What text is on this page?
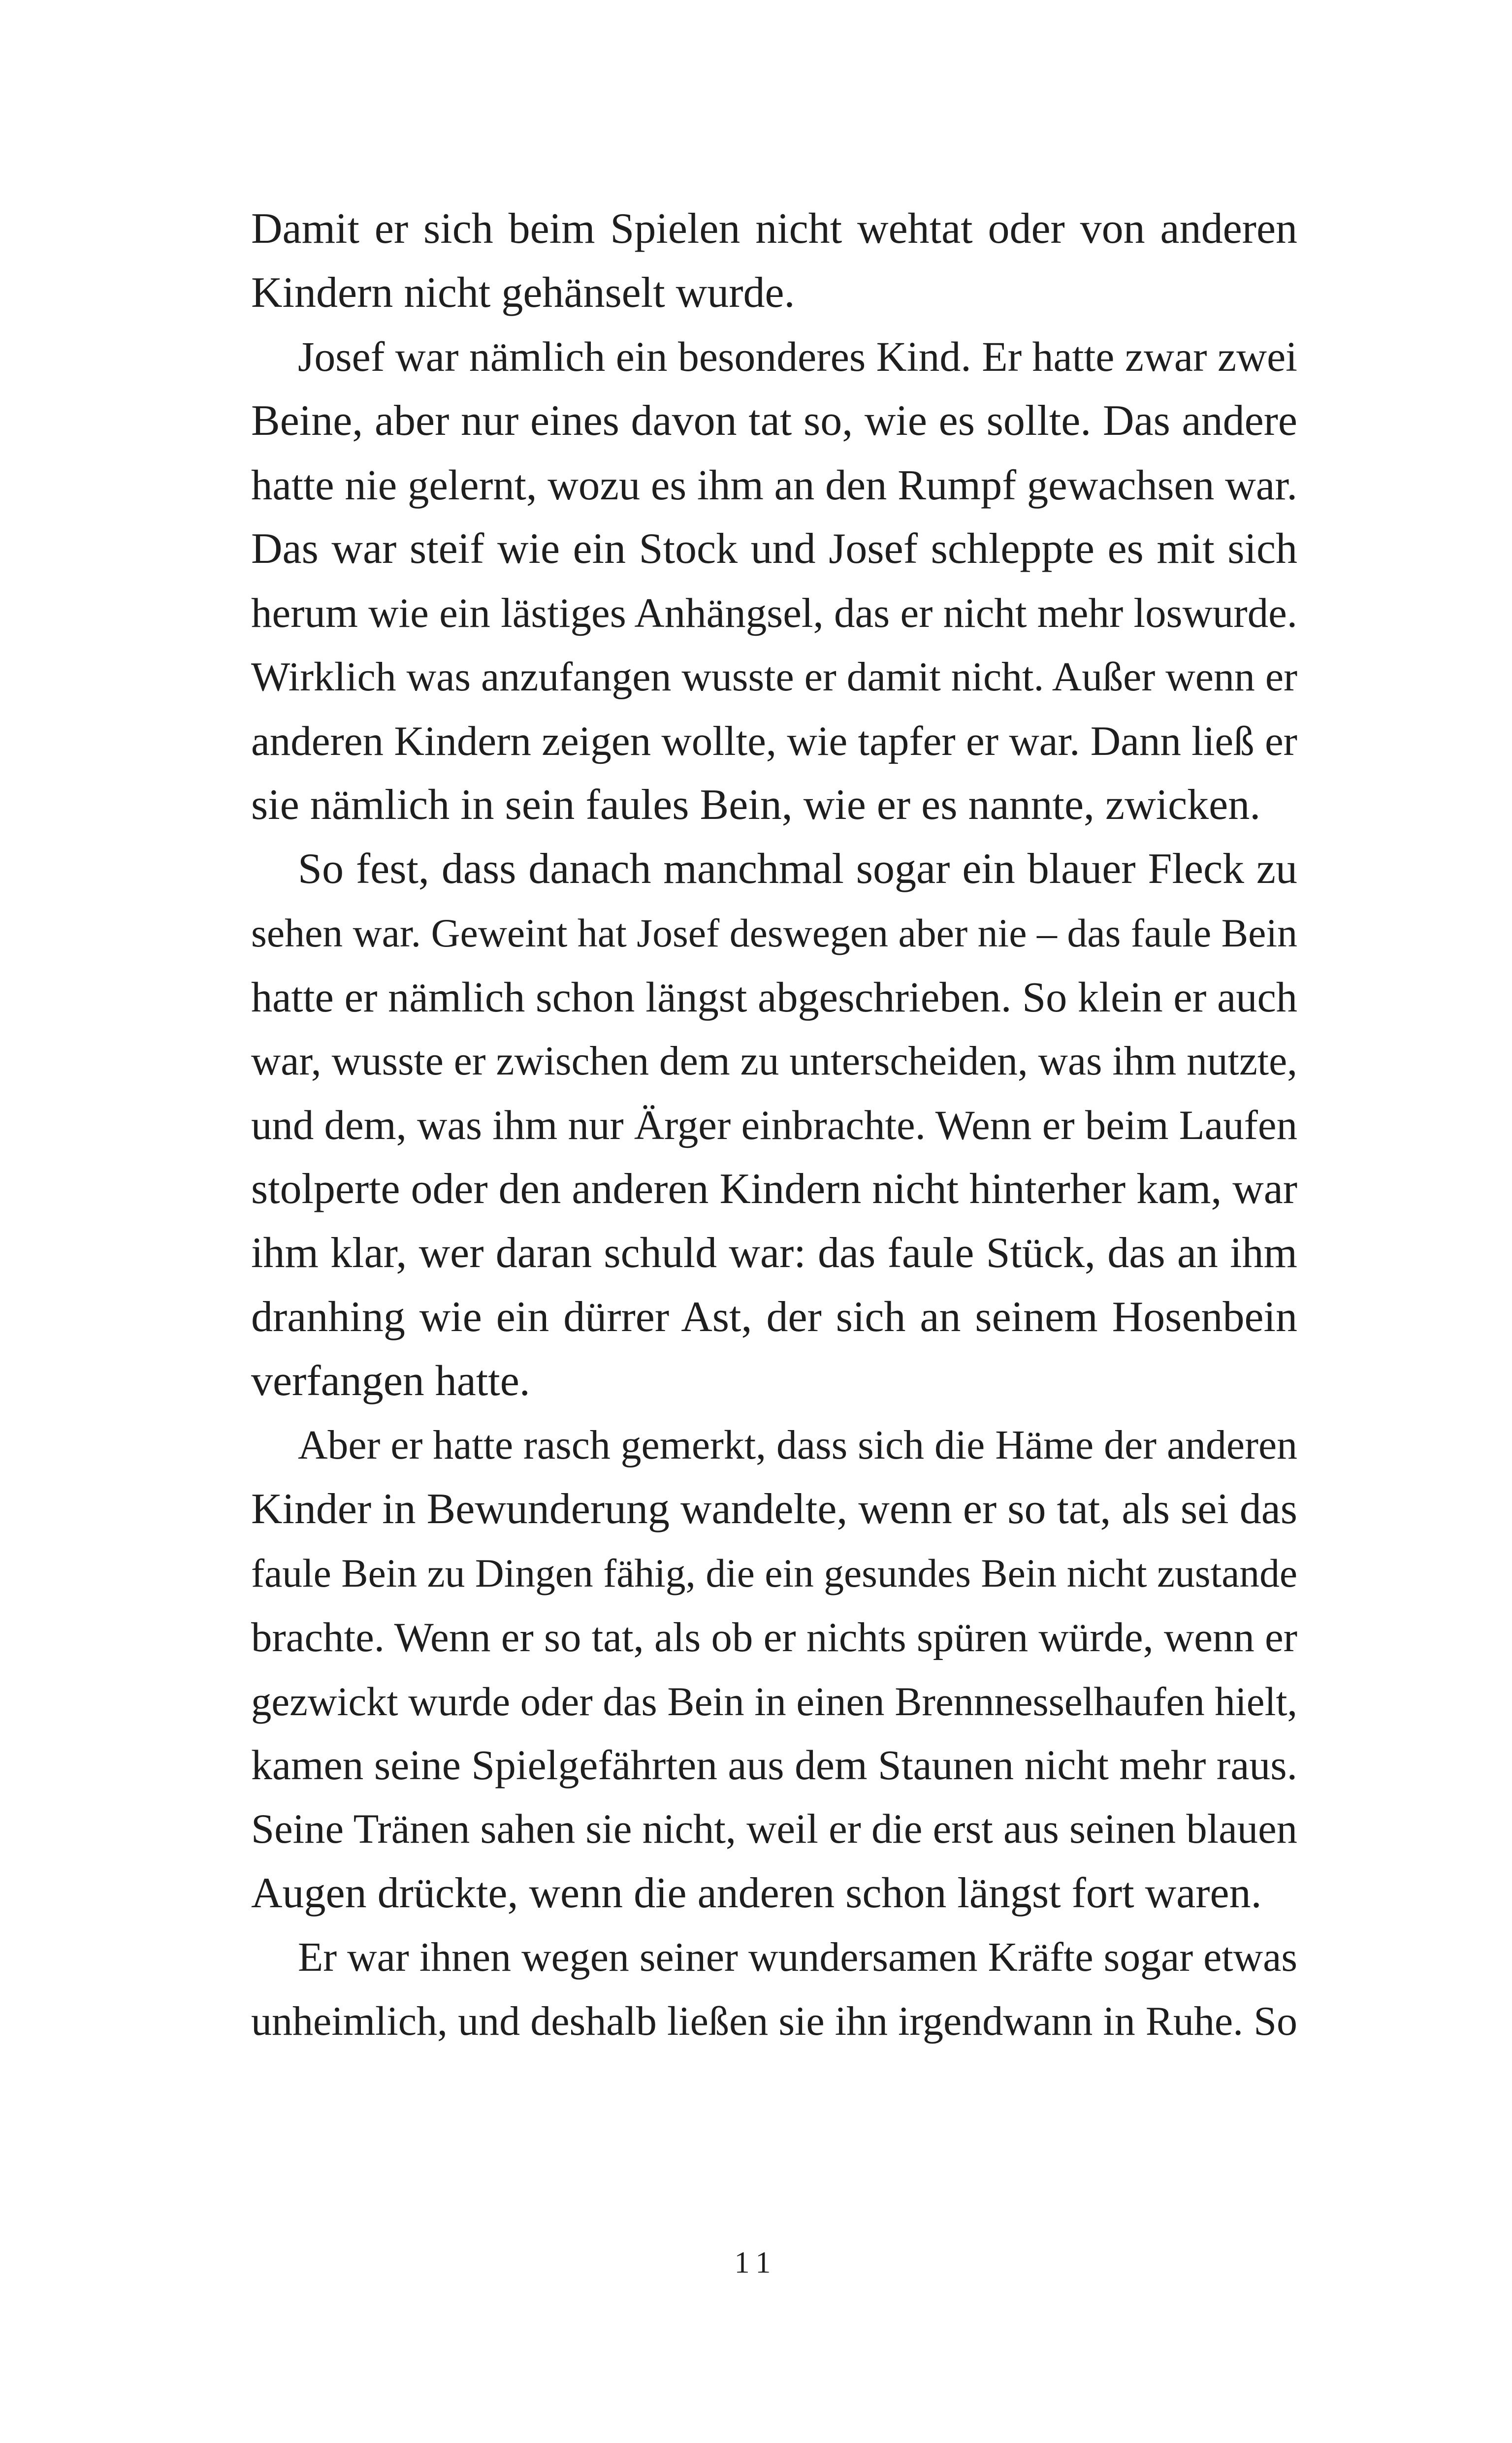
Damit er sich beim Spielen nicht wehtat oder von anderen
Kindern nicht gehänselt wurde.
Josef war nämlich ein besonderes Kind. Er hatte zwar zwei
Beine, aber nur eines davon tat so, wie es sollte. Das andere
hatte nie gelernt, wozu es ihm an den Rumpf gewachsen war.
Das war steif wie ein Stock und Josef schleppte es mit sich
herum wie ein lästiges Anhängsel, das er nicht mehr loswurde.
Wirklich was anzufangen wusste er damit nicht. Außer wenn er
anderen Kindern zeigen wollte, wie tapfer er war. Dann ließ er
sie nämlich in sein faules Bein, wie er es nannte, zwicken.
So fest, dass danach manchmal sogar ein blauer Fleck zu
sehen war. Geweint hat Josef deswegen aber nie – das faule Bein
hatte er nämlich schon längst abgeschrieben. So klein er auch
war, wusste er zwischen dem zu unterscheiden, was ihm nutzte,
und dem, was ihm nur Ärger einbrachte. Wenn er beim Laufen
stolperte oder den anderen Kindern nicht hinterher kam, war
ihm klar, wer daran schuld war: das faule Stück, das an ihm
dranhing wie ein dürrer Ast, der sich an seinem Hosenbein
verfangen hatte.
Aber er hatte rasch gemerkt, dass sich die Häme der anderen
Kinder in Bewunderung wandelte, wenn er so tat, als sei das
faule Bein zu Dingen fähig, die ein gesundes Bein nicht zustande
brachte. Wenn er so tat, als ob er nichts spüren würde, wenn er
gezwickt wurde oder das Bein in einen Brennnesselhaufen hielt,
kamen seine Spielgefährten aus dem Staunen nicht mehr raus.
Seine Tränen sahen sie nicht, weil er die erst aus seinen blauen
Augen drückte, wenn die anderen schon längst fort waren.
Er war ihnen wegen seiner wundersamen Kräfte sogar etwas
unheimlich, und deshalb ließen sie ihn irgendwann in Ruhe. So
11
